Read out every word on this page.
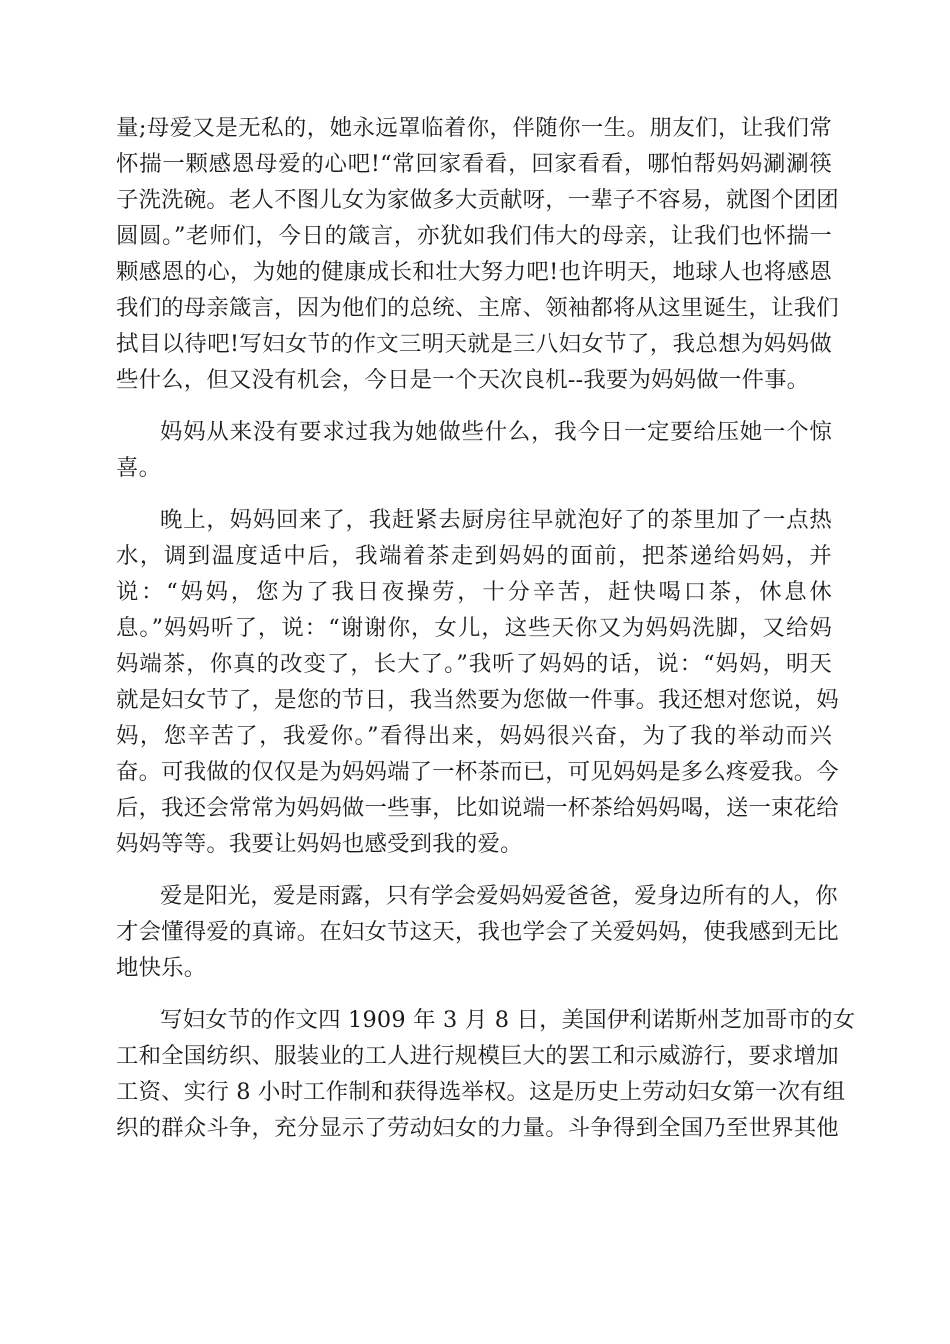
量;母爱又是无私的，她永远罩临着你，伴随你一生。朋友们，让我们常
怀揣一颗感恩母爱的心吧!“常回家看看，回家看看，哪怕帮妈妈涮涮筷
子洗洗碗。老人不图儿女为家做多大贡献呀，一辈子不容易，就图个团团
圆圆。”老师们，今日的箴言，亦犹如我们伟大的母亲，让我们也怀揣一
颗感恩的心，为她的健康成长和壮大努力吧!也许明天，地球人也将感恩
我们的母亲箴言，因为他们的总统、主席、领袖都将从这里诞生，让我们
拭目以待吧!写妇女节的作文三明天就是三八妇女节了，我总想为妈妈做
些什么，但又没有机会，今日是一个天次良机--我要为妈妈做一件事。
妈妈从来没有要求过我为她做些什么，我今日一定要给压她一个惊
喜。
晚上，妈妈回来了，我赶紧去厨房往早就泡好了的茶里加了一点热
水，调到温度适中后，我端着茶走到妈妈的面前，把茶递给妈妈，并
说：“妈妈，您为了我日夜操劳，十分辛苦，赶快喝口茶，休息休
息。”妈妈听了，说：“谢谢你，女儿，这些天你又为妈妈洗脚，又给妈
妈端茶，你真的改变了，长大了。”我听了妈妈的话，说：“妈妈，明天
就是妇女节了，是您的节日，我当然要为您做一件事。我还想对您说，妈
妈，您辛苦了，我爱你。”看得出来，妈妈很兴奋，为了我的举动而兴
奋。可我做的仅仅是为妈妈端了一杯茶而已，可见妈妈是多么疼爱我。今
后，我还会常常为妈妈做一些事，比如说端一杯茶给妈妈喝，送一束花给
妈妈等等。我要让妈妈也感受到我的爱。
爱是阳光，爱是雨露，只有学会爱妈妈爱爸爸，爱身边所有的人，你
才会懂得爱的真谛。在妇女节这天，我也学会了关爱妈妈，使我感到无比
地快乐。
写妇女节的作文四 1909 年 3 月 8 日，美国伊利诺斯州芝加哥市的女
工和全国纺织、服装业的工人进行规模巨大的罢工和示威游行，要求增加
工资、实行 8 小时工作制和获得选举权。这是历史上劳动妇女第一次有组
织的群众斗争，充分显示了劳动妇女的力量。斗争得到全国乃至世界其他
